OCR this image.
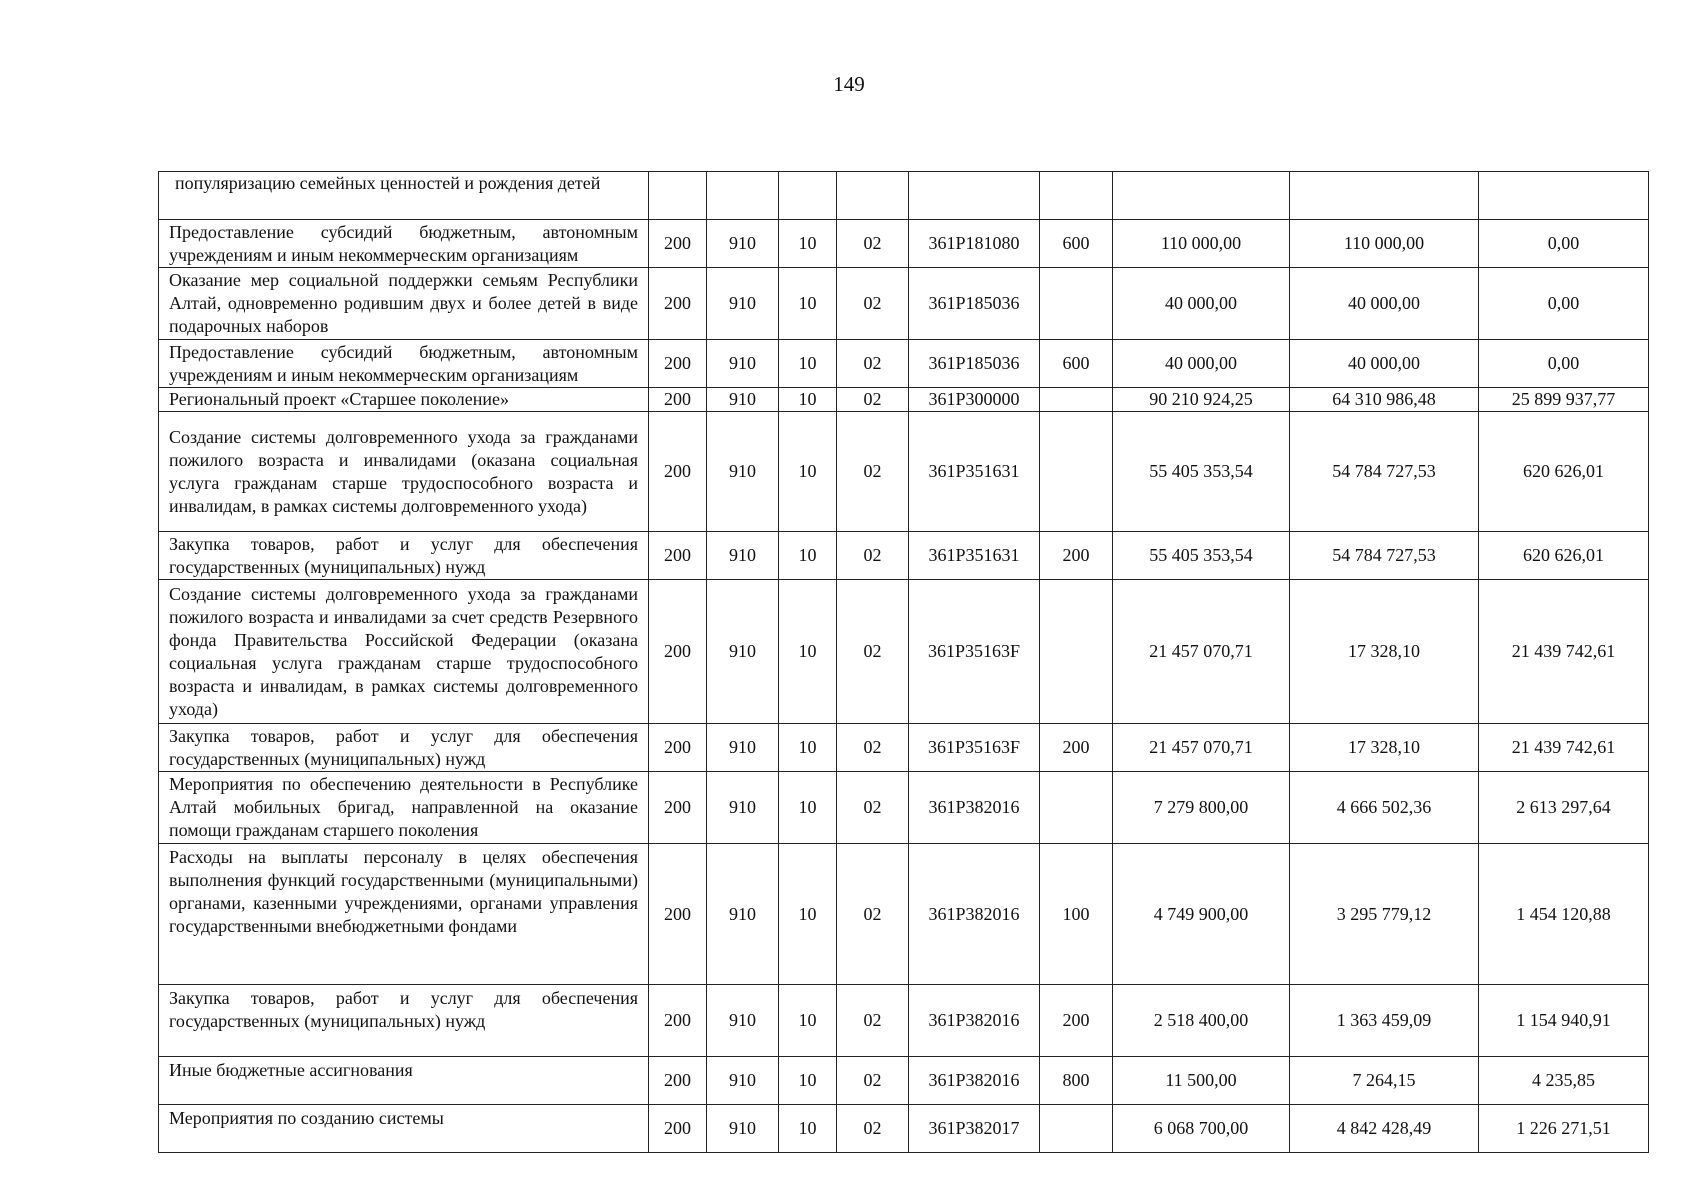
149
популяризацию семейных ценностей и рождения детей									
Предоставление субсидий бюджетным, автономным учреждениям и иным некоммерческим организациям	200	910	10	02	361P181080	600	110 000,00	110 000,00	0,00
Оказание мер социальной поддержки семьям Республики Алтай, одновременно родившим двух и более детей в виде подарочных наборов	200	910	10	02	361P185036		40 000,00	40 000,00	0,00
Предоставление субсидий бюджетным, автономным учреждениям и иным некоммерческим организациям	200	910	10	02	361P185036	600	40 000,00	40 000,00	0,00
Региональный проект «Старшее поколение»	200	910	10	02	361P300000		90 210 924,25	64 310 986,48	25 899 937,77
Создание системы долговременного ухода за гражданами пожилого возраста и инвалидами (оказана социальная услуга гражданам старше трудоспособного возраста и инвалидам, в рамках системы долговременного ухода)	200	910	10	02	361P351631		55 405 353,54	54 784 727,53	620 626,01
Закупка товаров, работ и услуг для обеспечения государственных (муниципальных) нужд	200	910	10	02	361P351631	200	55 405 353,54	54 784 727,53	620 626,01
Создание системы долговременного ухода за гражданами пожилого возраста и инвалидами за счет средств Резервного фонда Правительства Российской Федерации (оказана социальная услуга гражданам старше трудоспособного возраста и инвалидам, в рамках системы долговременного ухода)	200	910	10	02	361P35163F		21 457 070,71	17 328,10	21 439 742,61
Закупка товаров, работ и услуг для обеспечения государственных (муниципальных) нужд	200	910	10	02	361P35163F	200	21 457 070,71	17 328,10	21 439 742,61
Мероприятия по обеспечению деятельности в Республике Алтай мобильных бригад, направленной на оказание помощи гражданам старшего поколения	200	910	10	02	361P382016		7 279 800,00	4 666 502,36	2 613 297,64
Расходы на выплаты персоналу в целях обеспечения выполнения функций государственными (муниципальными) органами, казенными учреждениями, органами управления государственными внебюджетными фондами	200	910	10	02	361P382016	100	4 749 900,00	3 295 779,12	1 454 120,88
Закупка товаров, работ и услуг для обеспечения государственных (муниципальных) нужд	200	910	10	02	361P382016	200	2 518 400,00	1 363 459,09	1 154 940,91
Иные бюджетные ассигнования	200	910	10	02	361P382016	800	11 500,00	7 264,15	4 235,85
Мероприятия по созданию системы	200	910	10	02	361P382017		6 068 700,00	4 842 428,49	1 226 271,51
